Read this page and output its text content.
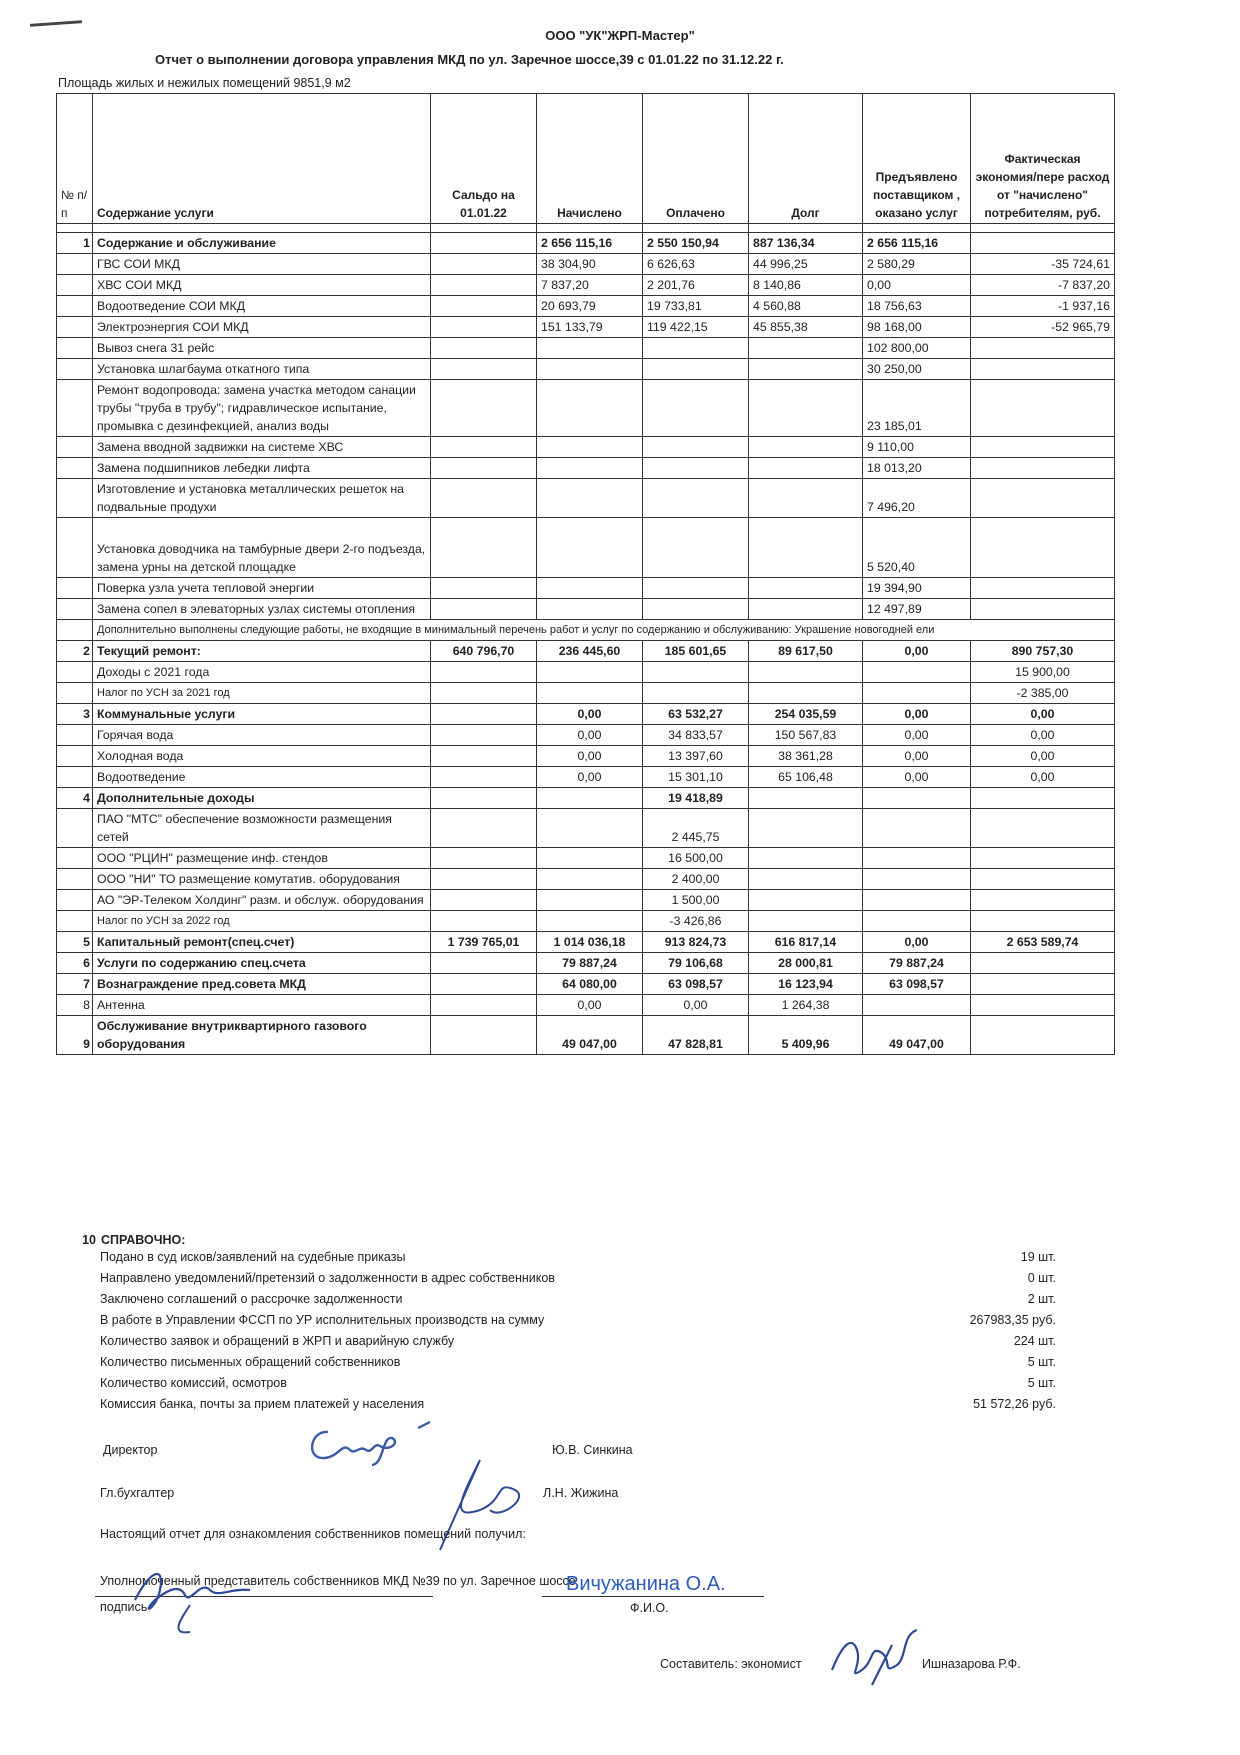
ООО "УК"ЖРП-Мастер"
Отчет о выполнении договора управления МКД по ул. Заречное шоссе,39 с 01.01.22 по 31.12.22 г.
Площадь жилых и нежилых помещений 9851,9 м2
№ п/п	Содержание услуги	Сальдо на 01.01.22	Начислено	Оплачено	Долг	Предъявлено поставщиком , оказано услуг	Фактическая экономия/пере расход от "начислено" потребителям, руб.

1	Содержание и обслуживание		2 656 115,16	2 550 150,94	887 136,34	2 656 115,16	
	ГВС СОИ МКД		38 304,90	6 626,63	44 996,25	2 580,29	-35 724,61
	ХВС СОИ МКД		7 837,20	2 201,76	8 140,86	0,00	-7 837,20
	Водоотведение СОИ МКД		20 693,79	19 733,81	4 560,88	18 756,63	-1 937,16
	Электроэнергия СОИ МКД		151 133,79	119 422,15	45 855,38	98 168,00	-52 965,79
	Вывоз снега 31 рейс					102 800,00	
	Установка шлагбаума откатного типа					30 250,00	
	Ремонт водопровода: замена участка методом санации трубы "труба в трубу"; гидравлическое испытание, промывка с дезинфекцией, анализ воды					23 185,01	
	Замена вводной задвижки на системе ХВС					9 110,00	
	Замена подшипников лебедки лифта					18 013,20	
	Изготовление и установка металлических решеток на подвальные продухи					7 496,20	
	Установка доводчика на тамбурные двери 2-го подъезда, замена урны на детской площадке					5 520,40	
	Поверка узла учета тепловой энергии					19 394,90	
	Замена сопел в элеваторных узлах системы отопления					12 497,89	
	Дополнительно выполнены следующие работы, не входящие в минимальный перечень работ и услуг по содержанию и обслуживанию: Украшение новогодней ели						
2	Текущий ремонт:	640 796,70	236 445,60	185 601,65	89 617,50	0,00	890 757,30
	Доходы с 2021 года						15 900,00
	Налог по УСН за 2021 год						-2 385,00
3	Коммунальные услуги		0,00	63 532,27	254 035,59	0,00	0,00
	Горячая вода		0,00	34 833,57	150 567,83	0,00	0,00
	Холодная вода		0,00	13 397,60	38 361,28	0,00	0,00
	Водоотведение		0,00	15 301,10	65 106,48	0,00	0,00
4	Дополнительные доходы			19 418,89			
	ПАО "МТС" обеспечение возможности размещения сетей			2 445,75			
	ООО "РЦИН" размещение инф. стендов			16 500,00			
	ООО "НИ" ТО размещение комутатив. оборудования			2 400,00			
	АО "ЭР-Телеком Холдинг" разм. и обслуж. оборудования			1 500,00			
	Налог по УСН за 2022 год			-3 426,86			
5	Капитальный ремонт(спец.счет)	1 739 765,01	1 014 036,18	913 824,73	616 817,14	0,00	2 653 589,74
6	Услуги по содержанию спец.счета		79 887,24	79 106,68	28 000,81	79 887,24	
7	Вознаграждение пред.совета МКД		64 080,00	63 098,57	16 123,94	63 098,57	
8	Антенна		0,00	0,00	1 264,38		
9	Обслуживание внутриквартирного газового оборудования		49 047,00	47 828,81	5 409,96	49 047,00	
10 СПРАВОЧНО:
Подано в суд исков/заявлений на судебные приказы	19 шт.
Направлено уведомлений/претензий о задолженности в адрес собственников	0 шт.
Заключено соглашений о рассрочке задолженности	2 шт.
В работе в Управлении ФССП по УР исполнительных производств на сумму	267983,35 руб.
Количество заявок и обращений в ЖРП и аварийную службу	224 шт.
Количество письменных обращений собственников	5 шт.
Количество комиссий, осмотров	5 шт.
Комиссия банка, почты за прием платежей у населения	51 572,26 руб.
Директор	Ю.В. Синкина
Гл.бухгалтер	Л.Н. Жижина
Настоящий отчет для ознакомления собственников помещений получил:
Уполномоченный представитель собственников МКД №39 по ул. Заречное шоссе
подпись
Вичужанина О.А.
Ф.И.О.
Составитель: экономист	Ишназарова Р.Ф.
